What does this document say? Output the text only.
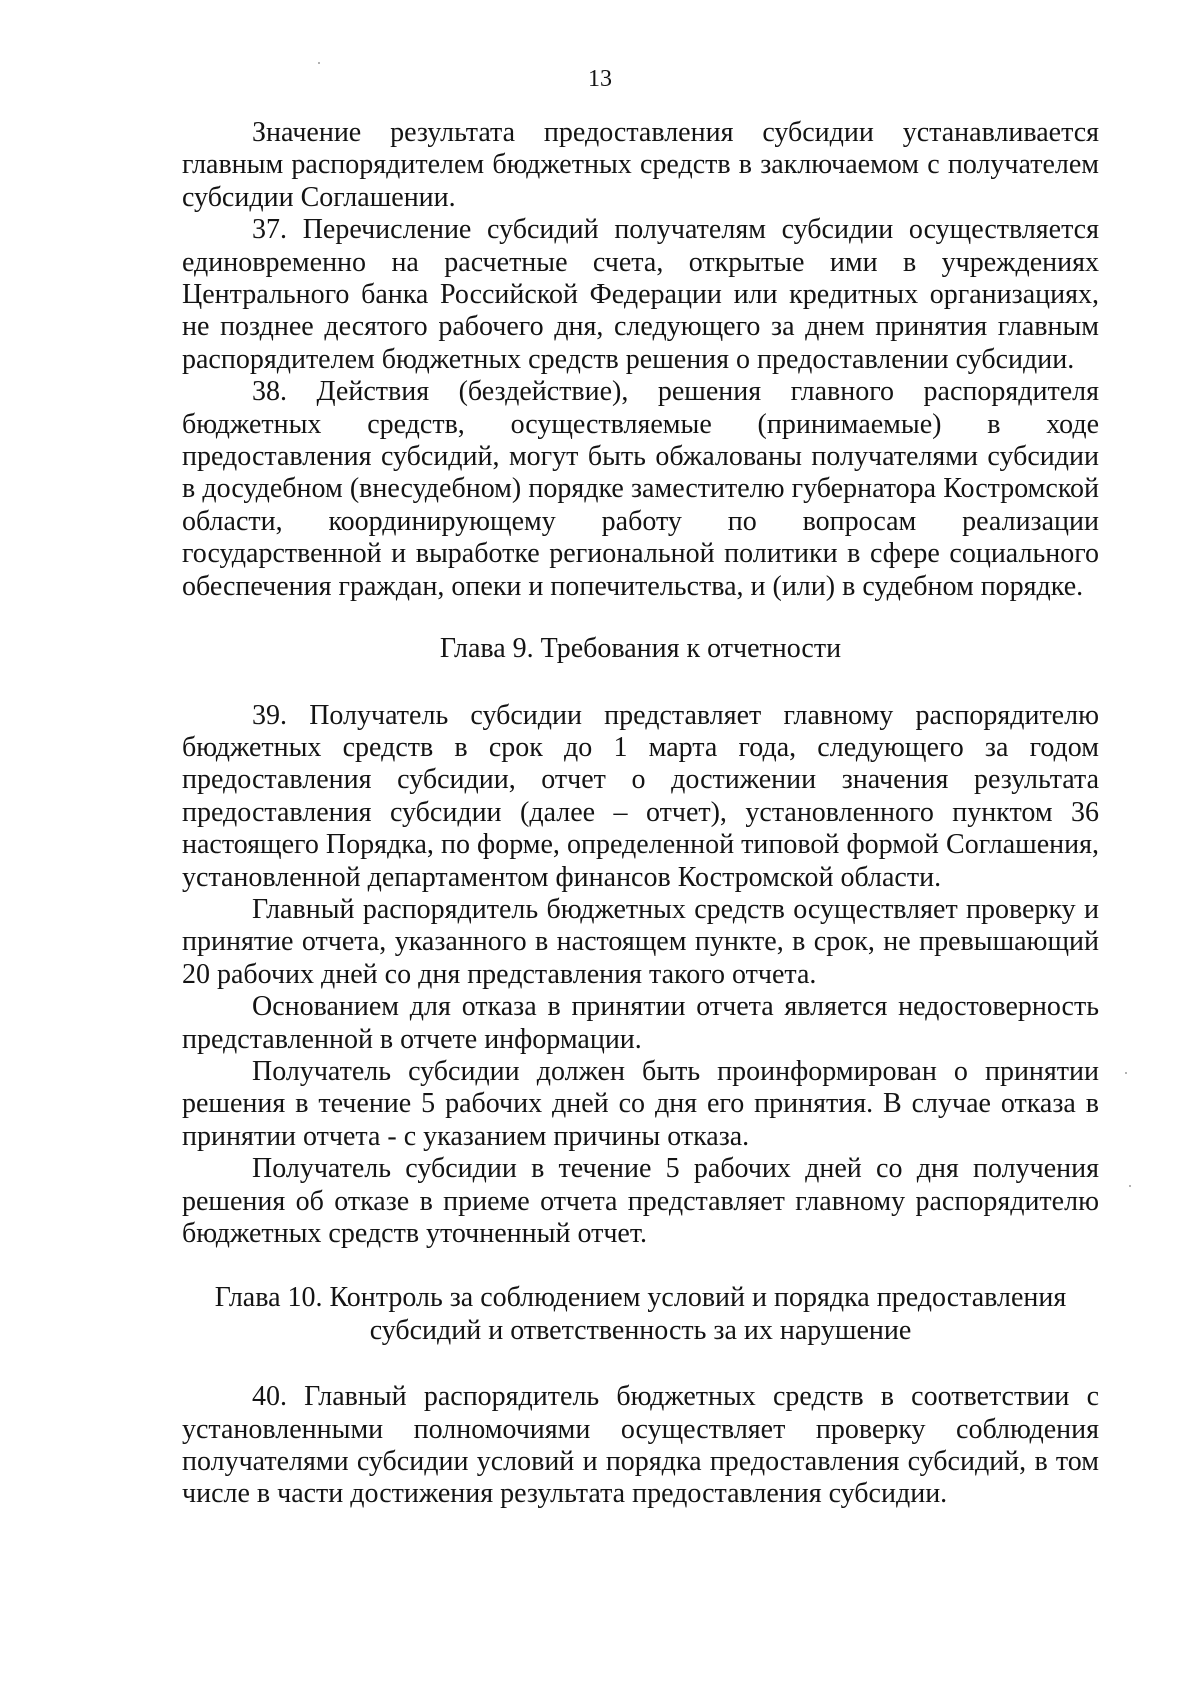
13

Значение результата предоставления субсидии устанавливается главным распорядителем бюджетных средств в заключаемом с получателем субсидии Соглашении.

37. Перечисление субсидий получателям субсидии осуществляется единовременно на расчетные счета, открытые ими в учреждениях Центрального банка Российской Федерации или кредитных организациях, не позднее десятого рабочего дня, следующего за днем принятия главным распорядителем бюджетных средств решения о предоставлении субсидии.

38. Действия (бездействие), решения главного распорядителя бюджетных средств, осуществляемые (принимаемые) в ходе предоставления субсидий, могут быть обжалованы получателями субсидии в досудебном (внесудебном) порядке заместителю губернатора Костромской области, координирующему работу по вопросам реализации государственной и выработке региональной политики в сфере социального обеспечения граждан, опеки и попечительства, и (или) в судебном порядке.

Глава 9. Требования к отчетности

39. Получатель субсидии представляет главному распорядителю бюджетных средств в срок до 1 марта года, следующего за годом предоставления субсидии, отчет о достижении значения результата предоставления субсидии (далее – отчет), установленного пунктом 36 настоящего Порядка, по форме, определенной типовой формой Соглашения, установленной департаментом финансов Костромской области.

Главный распорядитель бюджетных средств осуществляет проверку и принятие отчета, указанного в настоящем пункте, в срок, не превышающий 20 рабочих дней со дня представления такого отчета.

Основанием для отказа в принятии отчета является недостоверность представленной в отчете информации.

Получатель субсидии должен быть проинформирован о принятии решения в течение 5 рабочих дней со дня его принятия. В случае отказа в принятии отчета - с указанием причины отказа.

Получатель субсидии в течение 5 рабочих дней со дня получения решения об отказе в приеме отчета представляет главному распорядителю бюджетных средств уточненный отчет.

Глава 10. Контроль за соблюдением условий и порядка предоставления
субсидий и ответственность за их нарушение

40. Главный распорядитель бюджетных средств в соответствии с установленными полномочиями осуществляет проверку соблюдения получателями субсидии условий и порядка предоставления субсидий, в том числе в части достижения результата предоставления субсидии.
